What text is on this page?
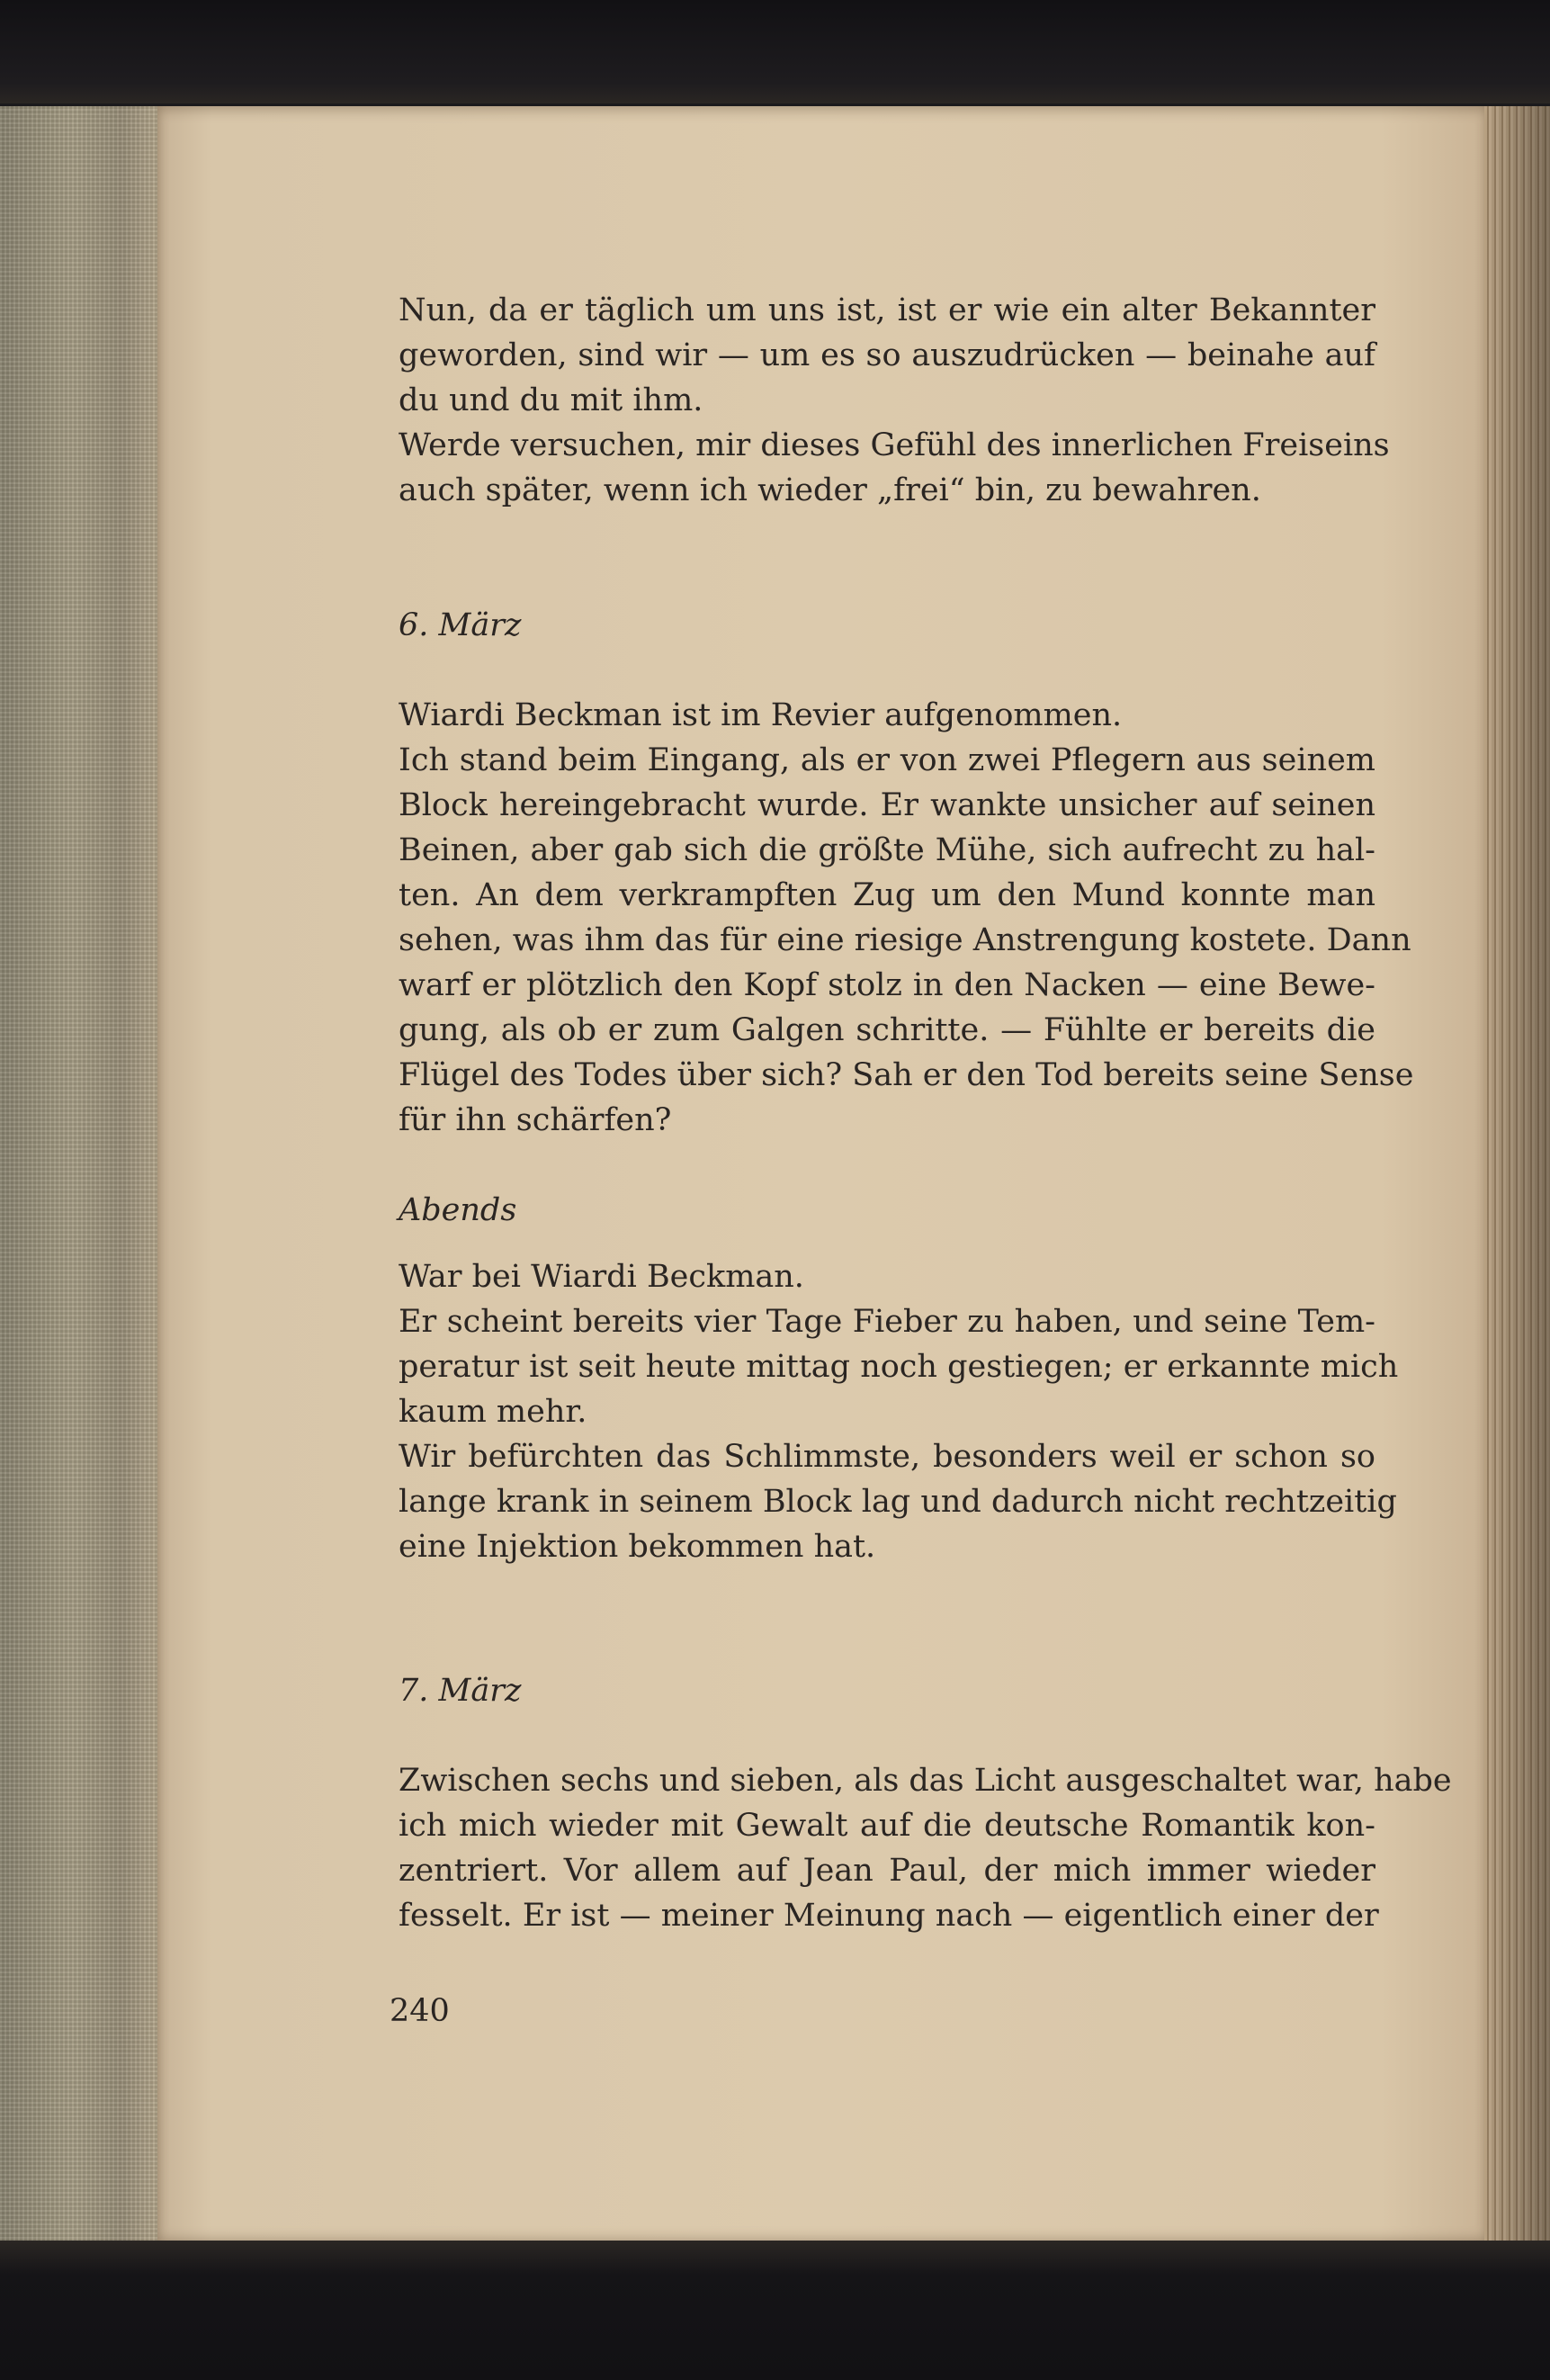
Nun, da er täglich um uns ist, ist er wie ein alter Bekannter
geworden, sind wir — um es so auszudrücken — beinahe auf
du und du mit ihm.
Werde versuchen, mir dieses Gefühl des innerlichen Freiseins
auch später, wenn ich wieder „frei“ bin, zu bewahren.
6. März
Wiardi Beckman ist im Revier aufgenommen.
Ich stand beim Eingang, als er von zwei Pflegern aus seinem
Block hereingebracht wurde. Er wankte unsicher auf seinen
Beinen, aber gab sich die größte Mühe, sich aufrecht zu hal-
ten. An dem verkrampften Zug um den Mund konnte man
sehen, was ihm das für eine riesige Anstrengung kostete. Dann
warf er plötzlich den Kopf stolz in den Nacken — eine Bewe-
gung, als ob er zum Galgen schritte. — Fühlte er bereits die
Flügel des Todes über sich? Sah er den Tod bereits seine Sense
für ihn schärfen?
Abends
War bei Wiardi Beckman.
Er scheint bereits vier Tage Fieber zu haben, und seine Tem-
peratur ist seit heute mittag noch gestiegen; er erkannte mich
kaum mehr.
Wir befürchten das Schlimmste, besonders weil er schon so
lange krank in seinem Block lag und dadurch nicht rechtzeitig
eine Injektion bekommen hat.
7. März
Zwischen sechs und sieben, als das Licht ausgeschaltet war, habe
ich mich wieder mit Gewalt auf die deutsche Romantik kon-
zentriert. Vor allem auf Jean Paul, der mich immer wieder
fesselt. Er ist — meiner Meinung nach — eigentlich einer der
240
